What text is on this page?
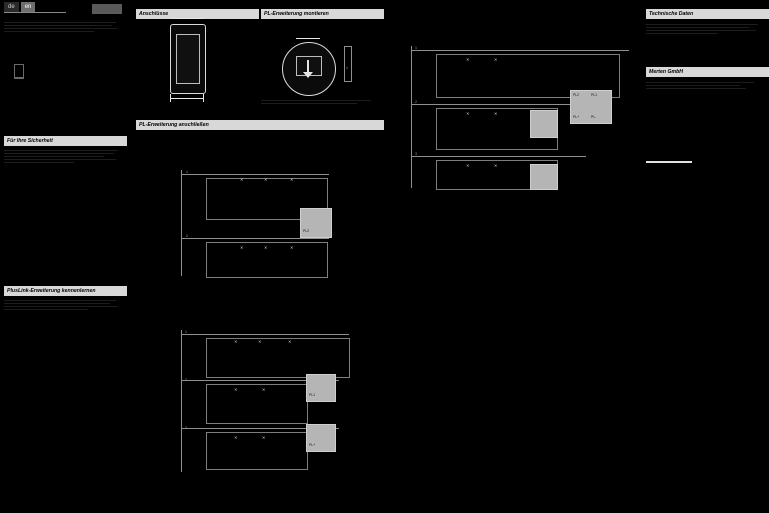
de	en
Für Ihre Sicherheit
PlusLink-Erweiterung kennenlernen
Anschlüsse
PL-Erweiterung anschließen
PL2
✕	✕	✕
✕	✕	✕
1
2
PL1
PL+
✕	✕	✕
✕	✕
✕	✕
1
2
3
PL-Erweiterung montieren
1
PL2	PL1
PL+	PL-
✕	✕
✕	✕
✕	✕
1
2
3
Technische Daten
Merten GmbH
